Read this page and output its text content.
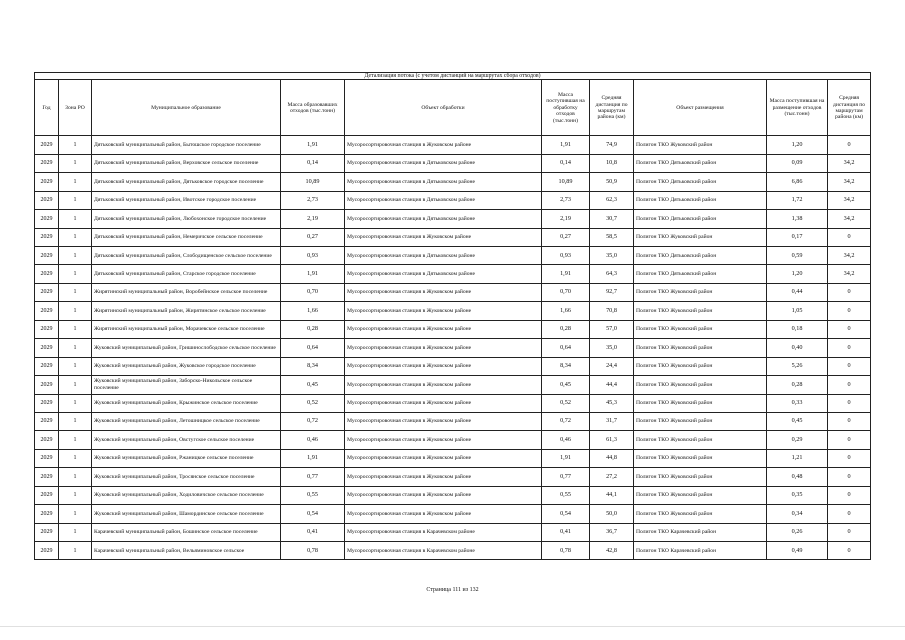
Детализация потока (с учетом дистанций на маршрутах сбора отходов)									
Год	Зона РО	Муниципальное образование	Масса образовавших отходов (тыс.тонн)	Объект обработки	Масса поступившая на обработку отходов (тыс.тонн)	Средняя дистанция по маршрутам района (км)	Объект размещения	Масса поступившая на размещение отходов (тыс.тонн)	Средняя дистанция по маршрутам района (км)
2029	1	Дятьковский муниципальный район, Бытошское городское поселение	1,91	Мусоросортировочная станция в Жуковском районе	1,91	74,9	Полигон ТКО Жуковский район	1,20	0
2029	1	Дятьковский муниципальный район, Верховское сельское поселение	0,14	Мусоросортировочная станция в Дятьковском районе	0,14	10,8	Полигон ТКО Дятьковский район	0,09	34,2
2029	1	Дятьковский муниципальный район, Дятьковское городское поселение	10,89	Мусоросортировочная станция в Дятьковском районе	10,89	50,9	Полигон ТКО Дятьковский район	6,86	34,2
2029	1	Дятьковский муниципальный район, Ивотское городское поселение	2,73	Мусоросортировочная станция в Дятьковском районе	2,73	62,3	Полигон ТКО Дятьковский район	1,72	34,2
2029	1	Дятьковский муниципальный район, Любохонское городское поселение	2,19	Мусоросортировочная станция в Дятьковском районе	2,19	30,7	Полигон ТКО Дятьковский район	1,38	34,2
2029	1	Дятьковский муниципальный район, Немеричское сельское поселение	0,27	Мусоросортировочная станция в Жуковском районе	0,27	58,5	Полигон ТКО Жуковский район	0,17	0
2029	1	Дятьковский муниципальный район, Слободищенское сельское поселение	0,93	Мусоросортировочная станция в Дятьковском районе	0,93	35,0	Полигон ТКО Дятьковский район	0,59	34,2
2029	1	Дятьковский муниципальный район, Старское городское поселение	1,91	Мусоросортировочная станция в Дятьковском районе	1,91	64,3	Полигон ТКО Дятьковский район	1,20	34,2
2029	1	Жирятинский муниципальный район, Воробейнское сельское поселение	0,70	Мусоросортировочная станция в Жуковском районе	0,70	92,7	Полигон ТКО Жуковский район	0,44	0
2029	1	Жирятинский муниципальный район, Жирятинское сельское поселение	1,66	Мусоросортировочная станция в Жуковском районе	1,66	70,8	Полигон ТКО Жуковский район	1,05	0
2029	1	Жирятинский муниципальный район, Морачевское сельское поселение	0,28	Мусоросортировочная станция в Жуковском районе	0,28	57,0	Полигон ТКО Жуковский район	0,18	0
2029	1	Жуковский муниципальный район, Гришинослободское сельское поселение	0,64	Мусоросортировочная станция в Жуковском районе	0,64	35,0	Полигон ТКО Жуковский район	0,40	0
2029	1	Жуковский муниципальный район, Жуковское городское поселение	8,34	Мусоросортировочная станция в Жуковском районе	8,34	24,4	Полигон ТКО Жуковский район	5,26	0
2029	1	Жуковский муниципальный район, Заборско-Никольское сельское поселение	0,45	Мусоросортировочная станция в Жуковском районе	0,45	44,4	Полигон ТКО Жуковский район	0,28	0
2029	1	Жуковский муниципальный район, Крыжинское сельское поселение	0,52	Мусоросортировочная станция в Жуковском районе	0,52	45,3	Полигон ТКО Жуковский район	0,33	0
2029	1	Жуковский муниципальный район, Летошницкое сельское поселение	0,72	Мусоросортировочная станция в Жуковском районе	0,72	31,7	Полигон ТКО Жуковский район	0,45	0
2029	1	Жуковский муниципальный район, Овстугское сельское поселение	0,46	Мусоросортировочная станция в Жуковском районе	0,46	61,3	Полигон ТКО Жуковский район	0,29	0
2029	1	Жуковский муниципальный район, Ржаницкое сельское поселение	1,91	Мусоросортировочная станция в Жуковском районе	1,91	44,8	Полигон ТКО Жуковский район	1,21	0
2029	1	Жуковский муниципальный район, Тросянское сельское поселение	0,77	Мусоросортировочная станция в Жуковском районе	0,77	27,2	Полигон ТКО Жуковский район	0,48	0
2029	1	Жуковский муниципальный район, Ходиловичское сельское поселение	0,55	Мусоросортировочная станция в Жуковском районе	0,55	44,1	Полигон ТКО Жуковский район	0,35	0
2029	1	Жуковский муниципальный район, Шамординское сельское поселение	0,54	Мусоросортировочная станция в Жуковском районе	0,54	50,0	Полигон ТКО Жуковский район	0,34	0
2029	1	Карачевский муниципальный район, Бошинское сельское поселение	0,41	Мусоросортировочная станция в Карачевском районе	0,41	36,7	Полигон ТКО Карачевский район	0,26	0
2029	1	Карачевский муниципальный район, Вельяминовское сельское	0,78	Мусоросортировочная станция в Карачевском районе	0,78	42,8	Полигон ТКО Карачевский район	0,49	0
Страница 111 из 132
